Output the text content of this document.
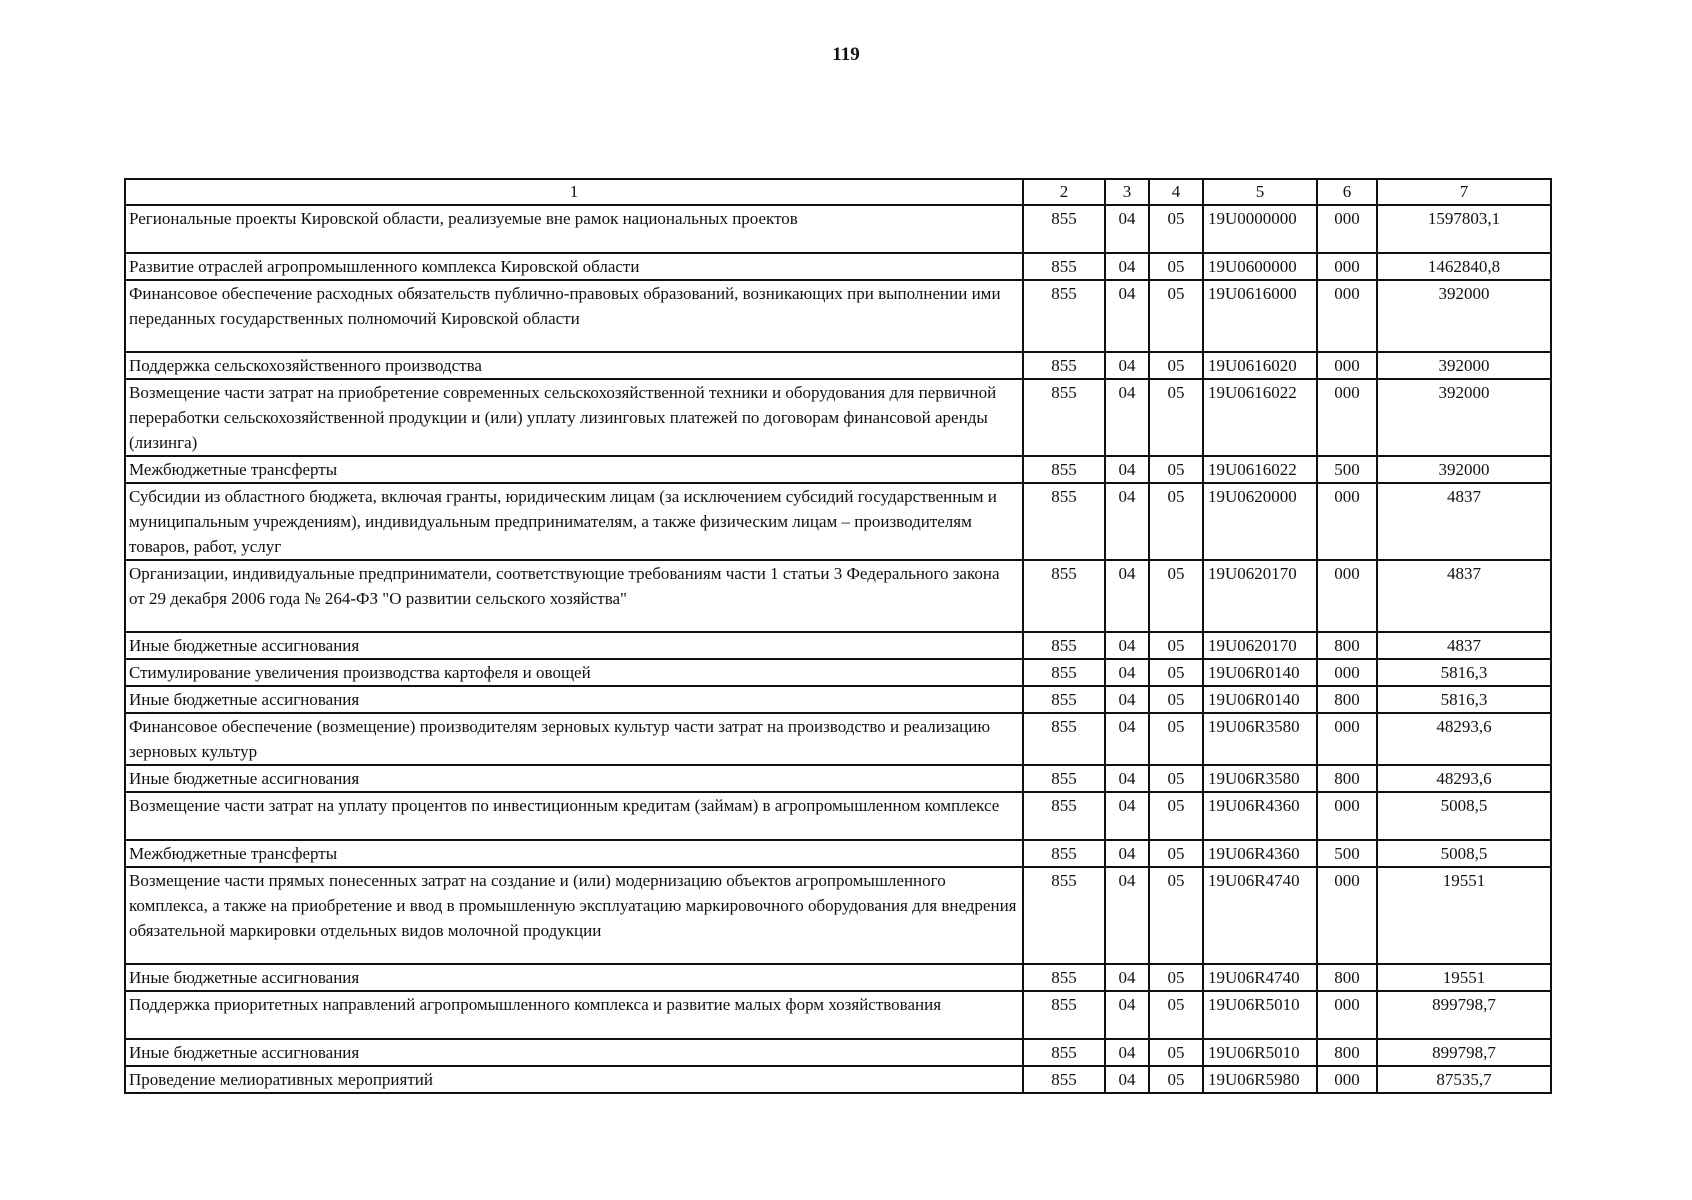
119
1	2	3	4	5	6	7
Региональные проекты Кировской области, реализуемые вне рамок национальных проектов	855	04	05	19U0000000	000	1597803,1
Развитие отраслей агропромышленного комплекса Кировской области	855	04	05	19U0600000	000	1462840,8
Финансовое обеспечение расходных обязательств публично-правовых образований, возникающих при выполнении ими переданных государственных полномочий Кировской области	855	04	05	19U0616000	000	392000
Поддержка сельскохозяйственного производства	855	04	05	19U0616020	000	392000
Возмещение части затрат на приобретение современных сельскохозяйственной техники и оборудования для первичной переработки сельскохозяйственной продукции и (или) уплату лизинговых платежей по договорам финансовой аренды (лизинга)	855	04	05	19U0616022	000	392000
Межбюджетные трансферты	855	04	05	19U0616022	500	392000
Субсидии из областного бюджета, включая гранты, юридическим лицам (за исключением субсидий государственным и муниципальным учреждениям), индивидуальным предпринимателям, а также физическим лицам – производителям товаров, работ, услуг	855	04	05	19U0620000	000	4837
Организации, индивидуальные предприниматели, соответствующие требованиям части 1 статьи 3 Федерального закона от 29 декабря 2006 года № 264-ФЗ "О развитии сельского хозяйства"	855	04	05	19U0620170	000	4837
Иные бюджетные ассигнования	855	04	05	19U0620170	800	4837
Стимулирование увеличения производства картофеля и овощей	855	04	05	19U06R0140	000	5816,3
Иные бюджетные ассигнования	855	04	05	19U06R0140	800	5816,3
Финансовое обеспечение (возмещение) производителям зерновых культур части затрат на производство и реализацию зерновых культур	855	04	05	19U06R3580	000	48293,6
Иные бюджетные ассигнования	855	04	05	19U06R3580	800	48293,6
Возмещение части затрат на уплату процентов по инвестиционным кредитам (займам) в агропромышленном комплексе	855	04	05	19U06R4360	000	5008,5
Межбюджетные трансферты	855	04	05	19U06R4360	500	5008,5
Возмещение части прямых понесенных затрат на создание и (или) модернизацию объектов агропромышленного комплекса, а также на приобретение и ввод в промышленную эксплуатацию маркировочного оборудования для внедрения обязательной маркировки отдельных видов молочной продукции	855	04	05	19U06R4740	000	19551
Иные бюджетные ассигнования	855	04	05	19U06R4740	800	19551
Поддержка приоритетных направлений агропромышленного комплекса и развитие малых форм хозяйствования	855	04	05	19U06R5010	000	899798,7
Иные бюджетные ассигнования	855	04	05	19U06R5010	800	899798,7
Проведение мелиоративных мероприятий	855	04	05	19U06R5980	000	87535,7
